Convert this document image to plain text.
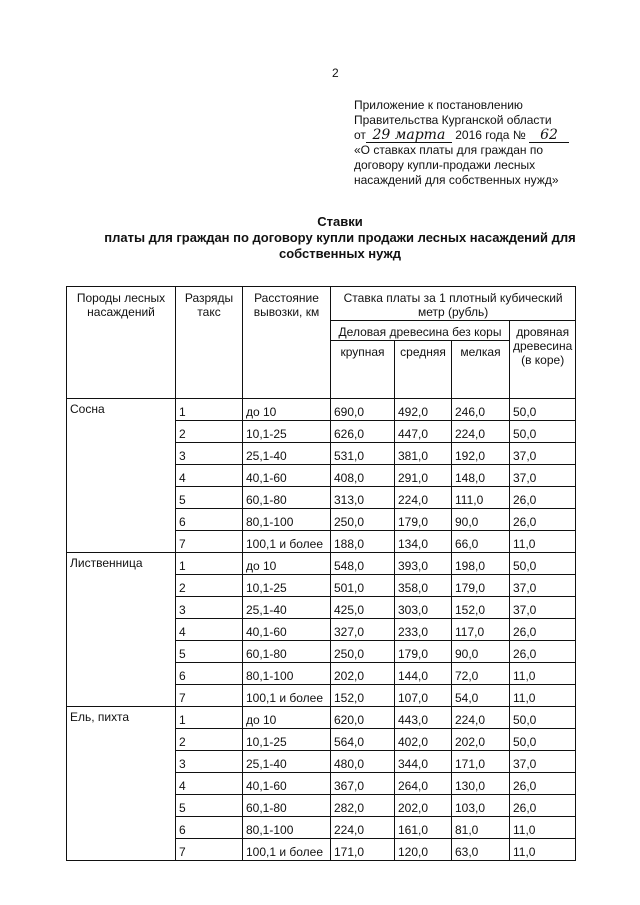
2
Приложение к постановлению
Правительства Курганской области
от 29 марта 2016 года № 62
«О ставках платы для граждан по
договору купли-продажи лесных
насаждений для собственных нужд»
Ставки
платы для граждан по договору купли продажи лесных насаждений для
собственных нужд
Породы лесных насаждений	Разряды такс	Расстояние вывозки, км	Ставка платы за 1 плотный кубический метр (рубль)			
			Деловая древесина без коры			дровяная древесина (в коре)
			крупная	средняя	мелкая	
Сосна	1	до 10	690,0	492,0	246,0	50,0
	2	10,1-25	626,0	447,0	224,0	50,0
	3	25,1-40	531,0	381,0	192,0	37,0
	4	40,1-60	408,0	291,0	148,0	37,0
	5	60,1-80	313,0	224,0	111,0	26,0
	6	80,1-100	250,0	179,0	90,0	26,0
	7	100,1 и более	188,0	134,0	66,0	11,0
Лиственница	1	до 10	548,0	393,0	198,0	50,0
	2	10,1-25	501,0	358,0	179,0	37,0
	3	25,1-40	425,0	303,0	152,0	37,0
	4	40,1-60	327,0	233,0	117,0	26,0
	5	60,1-80	250,0	179,0	90,0	26,0
	6	80,1-100	202,0	144,0	72,0	11,0
	7	100,1 и более	152,0	107,0	54,0	11,0
Ель, пихта	1	до 10	620,0	443,0	224,0	50,0
	2	10,1-25	564,0	402,0	202,0	50,0
	3	25,1-40	480,0	344,0	171,0	37,0
	4	40,1-60	367,0	264,0	130,0	26,0
	5	60,1-80	282,0	202,0	103,0	26,0
	6	80,1-100	224,0	161,0	81,0	11,0
	7	100,1 и более	171,0	120,0	63,0	11,0
